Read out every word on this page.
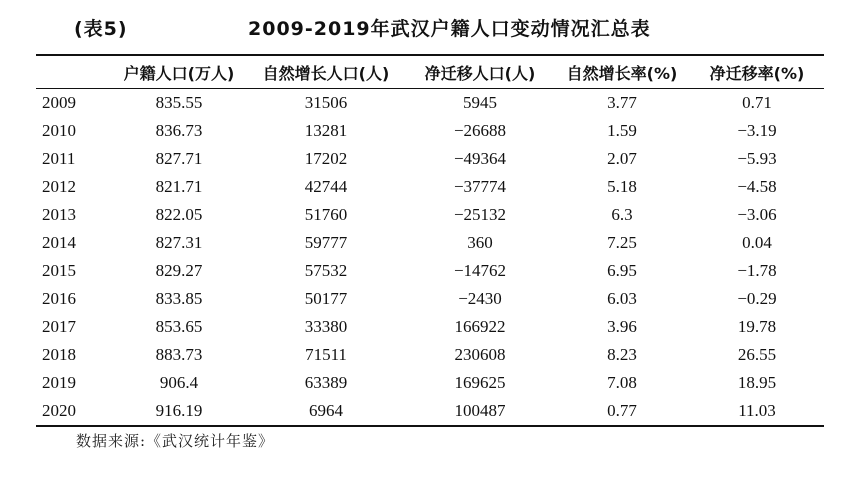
(表5)	2009-2019年武汉户籍人口变动情况汇总表
	户籍人口(万人)	自然增长人口(人)	净迁移人口(人)	自然增长率(%)	净迁移率(%)
2009	835.55	31506	5945	3.77	0.71
2010	836.73	13281	−26688	1.59	−3.19
2011	827.71	17202	−49364	2.07	−5.93
2012	821.71	42744	−37774	5.18	−4.58
2013	822.05	51760	−25132	6.3	−3.06
2014	827.31	59777	360	7.25	0.04
2015	829.27	57532	−14762	6.95	−1.78
2016	833.85	50177	−2430	6.03	−0.29
2017	853.65	33380	166922	3.96	19.78
2018	883.73	71511	230608	8.23	26.55
2019	906.4	63389	169625	7.08	18.95
2020	916.19	6964	100487	0.77	11.03
数据来源:《武汉统计年鉴》
